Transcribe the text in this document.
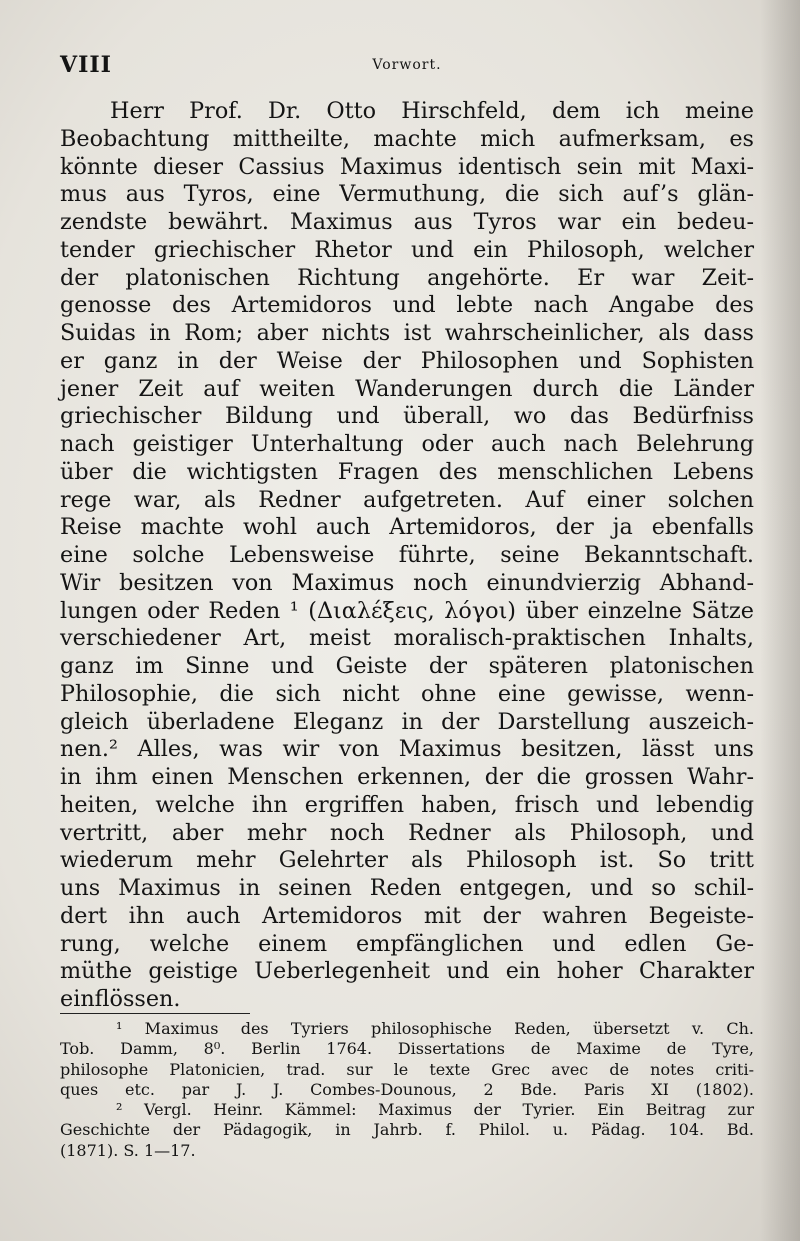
VIII	Vorwort.
Herr Prof. Dr. Otto Hirschfeld, dem ich meine
Beobachtung mittheilte, machte mich aufmerksam, es
könnte dieser Cassius Maximus identisch sein mit Maxi-
mus aus Tyros, eine Vermuthung, die sich auf’s glän-
zendste bewährt. Maximus aus Tyros war ein bedeu-
tender griechischer Rhetor und ein Philosoph, welcher
der platonischen Richtung angehörte. Er war Zeit-
genosse des Artemidoros und lebte nach Angabe des
Suidas in Rom; aber nichts ist wahrscheinlicher, als dass
er ganz in der Weise der Philosophen und Sophisten
jener Zeit auf weiten Wanderungen durch die Länder
griechischer Bildung und überall, wo das Bedürfniss
nach geistiger Unterhaltung oder auch nach Belehrung
über die wichtigsten Fragen des menschlichen Lebens
rege war, als Redner aufgetreten. Auf einer solchen
Reise machte wohl auch Artemidoros, der ja ebenfalls
eine solche Lebensweise führte, seine Bekanntschaft.
Wir besitzen von Maximus noch einundvierzig Abhand-
lungen oder Reden ¹ (Διαλέξεις, λόγοι) über einzelne Sätze
verschiedener Art, meist moralisch-praktischen Inhalts,
ganz im Sinne und Geiste der späteren platonischen
Philosophie, die sich nicht ohne eine gewisse, wenn-
gleich überladene Eleganz in der Darstellung auszeich-
nen.² Alles, was wir von Maximus besitzen, lässt uns
in ihm einen Menschen erkennen, der die grossen Wahr-
heiten, welche ihn ergriffen haben, frisch und lebendig
vertritt, aber mehr noch Redner als Philosoph, und
wiederum mehr Gelehrter als Philosoph ist. So tritt
uns Maximus in seinen Reden entgegen, und so schil-
dert ihn auch Artemidoros mit der wahren Begeiste-
rung, welche einem empfänglichen und edlen Ge-
müthe geistige Ueberlegenheit und ein hoher Charakter
einflössen.
¹ Maximus des Tyriers philosophische Reden, übersetzt v. Ch.
Tob. Damm, 8⁰. Berlin 1764. Dissertations de Maxime de Tyre,
philosophe Platonicien, trad. sur le texte Grec avec de notes criti-
ques etc. par J. J. Combes-Dounous, 2 Bde. Paris XI (1802).
² Vergl. Heinr. Kämmel: Maximus der Tyrier. Ein Beitrag zur
Geschichte der Pädagogik, in Jahrb. f. Philol. u. Pädag. 104. Bd.
(1871). S. 1—17.
